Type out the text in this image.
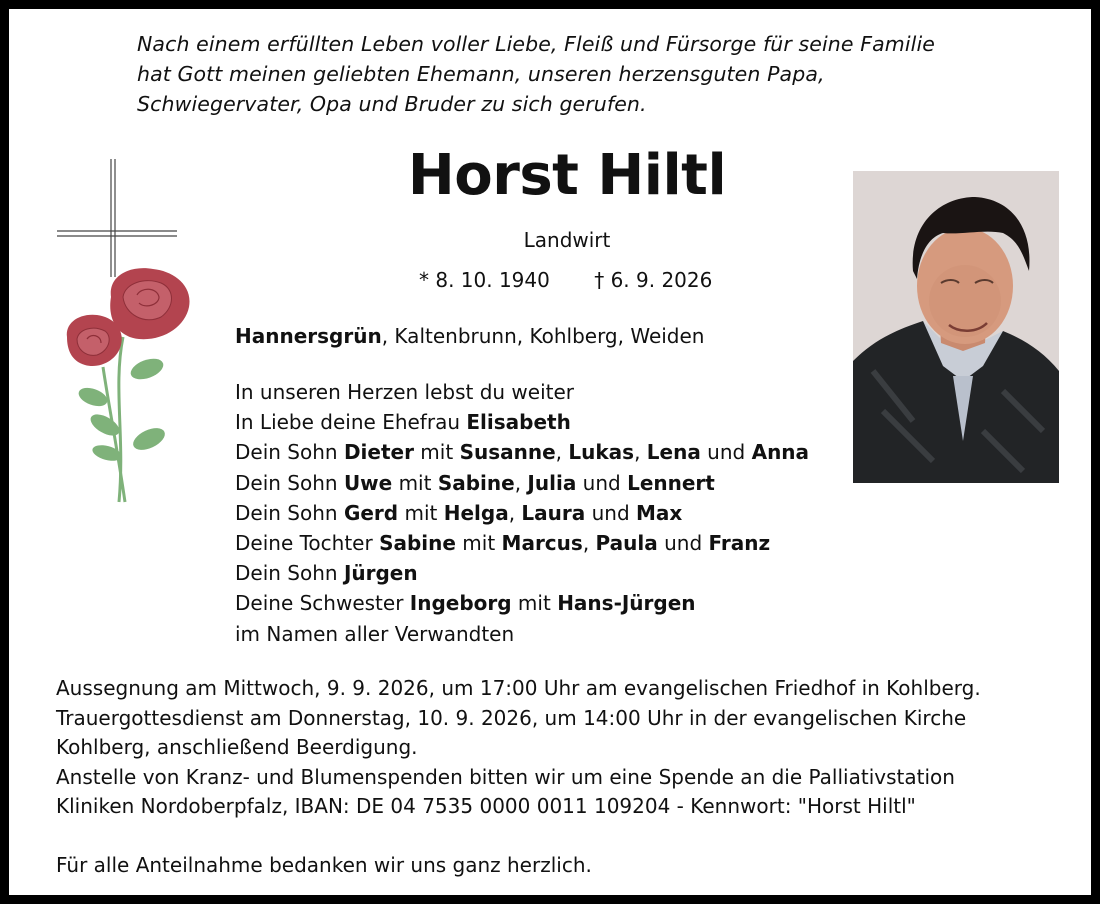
Nach einem erfüllten Leben voller Liebe, Fleiß und Fürsorge für seine Familie
hat Gott meinen geliebten Ehemann, unseren herzensguten Papa,
Schwiegervater, Opa und Bruder zu sich gerufen.
Horst Hiltl
Landwirt
* 8. 10. 1940 † 6. 9. 2026
Hannersgrün, Kaltenbrunn, Kohlberg, Weiden
In unseren Herzen lebst du weiter
In Liebe deine Ehefrau Elisabeth
Dein Sohn Dieter mit Susanne, Lukas, Lena und Anna
Dein Sohn Uwe mit Sabine, Julia und Lennert
Dein Sohn Gerd mit Helga, Laura und Max
Deine Tochter Sabine mit Marcus, Paula und Franz
Dein Sohn Jürgen
Deine Schwester Ingeborg mit Hans-Jürgen
im Namen aller Verwandten
Aussegnung am Mittwoch, 9. 9. 2026, um 17:00 Uhr am evangelischen Friedhof in Kohlberg.
Trauergottesdienst am Donnerstag, 10. 9. 2026, um 14:00 Uhr in der evangelischen Kirche
Kohlberg, anschließend Beerdigung.
Anstelle von Kranz- und Blumenspenden bitten wir um eine Spende an die Palliativstation
Kliniken Nordoberpfalz, IBAN: DE 04 7535 0000 0011 109204 - Kennwort: "Horst Hiltl"
Für alle Anteilnahme bedanken wir uns ganz herzlich.
